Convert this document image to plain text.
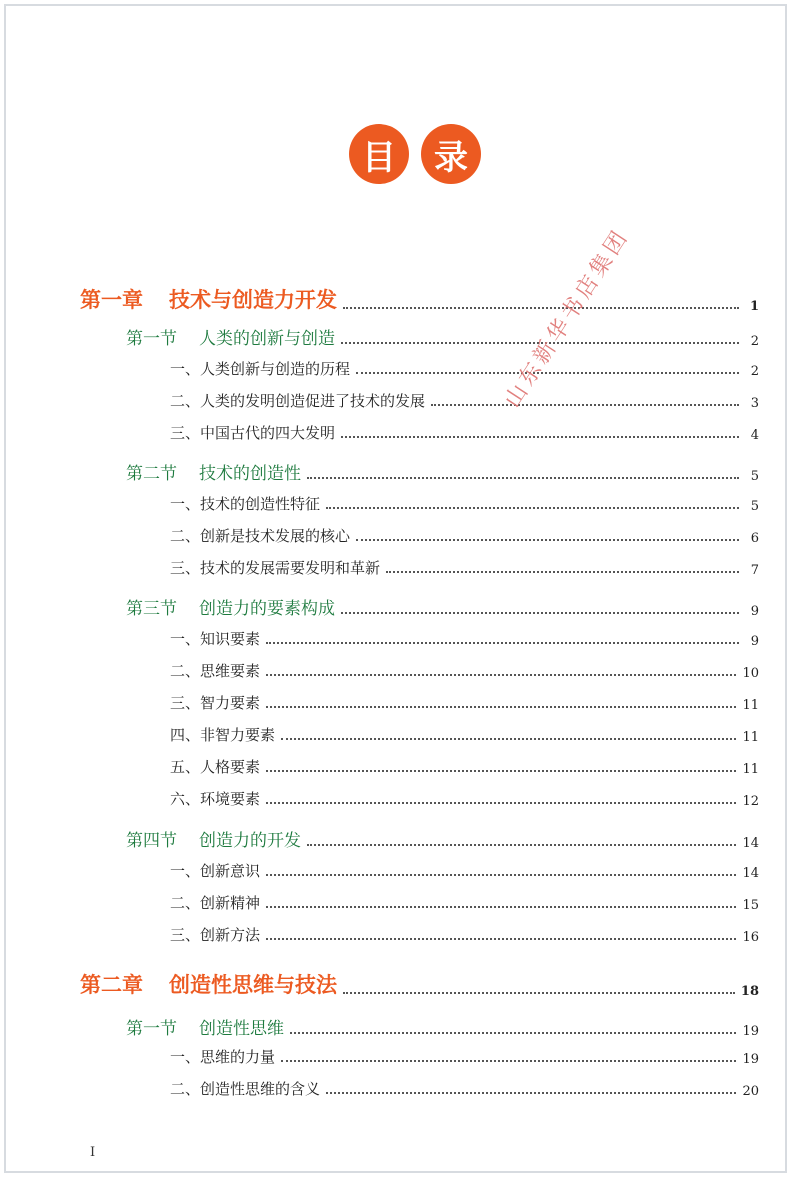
目	录
第一章 技术与创造力开发	1
第一节 人类的创新与创造	2
一、人类创新与创造的历程	2
二、人类的发明创造促进了技术的发展	3
三、中国古代的四大发明	4
第二节 技术的创造性	5
一、技术的创造性特征	5
二、创新是技术发展的核心	6
三、技术的发展需要发明和革新	7
第三节 创造力的要素构成	9
一、知识要素	9
二、思维要素	10
三、智力要素	11
四、非智力要素	11
五、人格要素	11
六、环境要素	12
第四节 创造力的开发	14
一、创新意识	14
二、创新精神	15
三、创新方法	16
第二章 创造性思维与技法	18
第一节 创造性思维	19
一、思维的力量	19
二、创造性思维的含义	20
山东新华书店集团
I
